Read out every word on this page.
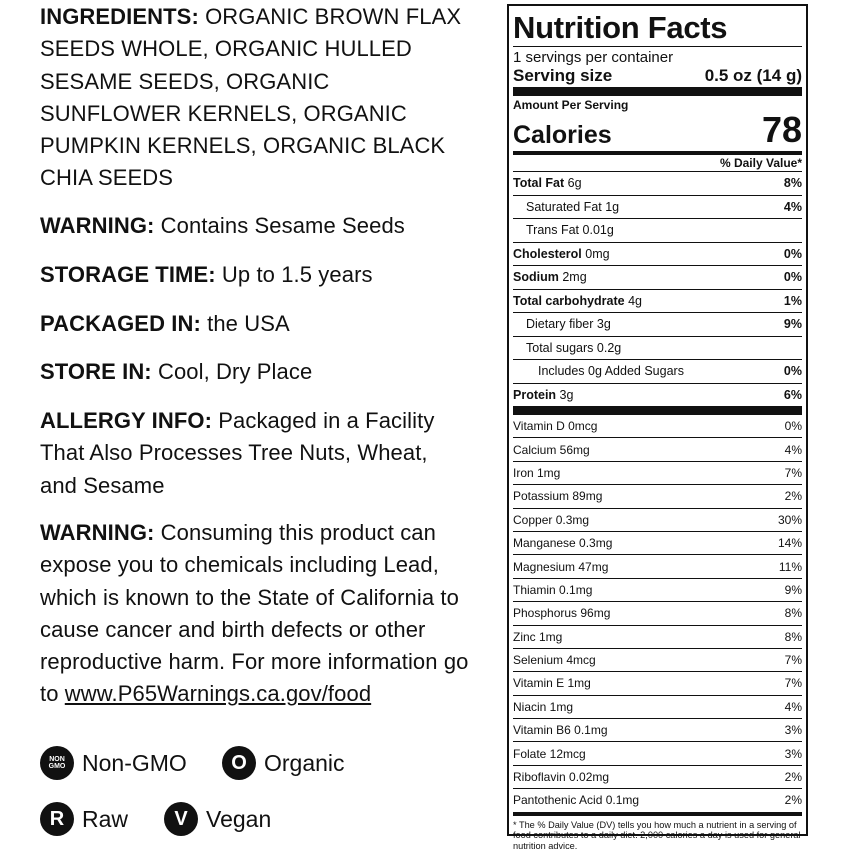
INGREDIENTS: ORGANIC BROWN FLAX SEEDS WHOLE, ORGANIC HULLED SESAME SEEDS, ORGANIC SUNFLOWER KERNELS, ORGANIC PUMPKIN KERNELS, ORGANIC BLACK CHIA SEEDS

WARNING: Contains Sesame Seeds

STORAGE TIME: Up to 1.5 years

PACKAGED IN: the USA

STORE IN: Cool, Dry Place

ALLERGY INFO: Packaged in a Facility That Also Processes Tree Nuts, Wheat, and Sesame

WARNING: Consuming this product can expose you to chemicals including Lead, which is known to the State of California to cause cancer and birth defects or other reproductive harm. For more information go to www.P65Warnings.ca.gov/food

NON
GMO Non-GMO	O Organic
R Raw	V Vegan
Nutrition Facts
1 servings per container
Serving size	0.5 oz (14 g)
Amount Per Serving
Calories	78
% Daily Value*
Total Fat 6g	8%
Saturated Fat 1g	4%
Trans Fat 0.01g
Cholesterol 0mg	0%
Sodium 2mg	0%
Total carbohydrate 4g	1%
Dietary fiber 3g	9%
Total sugars 0.2g
Includes 0g Added Sugars	0%
Protein 3g	6%
Vitamin D 0mcg	0%
Calcium 56mg	4%
Iron 1mg	7%
Potassium 89mg	2%
Copper 0.3mg	30%
Manganese 0.3mg	14%
Magnesium 47mg	11%
Thiamin 0.1mg	9%
Phosphorus 96mg	8%
Zinc 1mg	8%
Selenium 4mcg	7%
Vitamin E 1mg	7%
Niacin 1mg	4%
Vitamin B6 0.1mg	3%
Folate 12mcg	3%
Riboflavin 0.02mg	2%
Pantothenic Acid 0.1mg	2%
* The % Daily Value (DV) tells you how much a nutrient in a serving of food contributes to a daily diet. 2,000 calories a day is used for general nutrition advice.
